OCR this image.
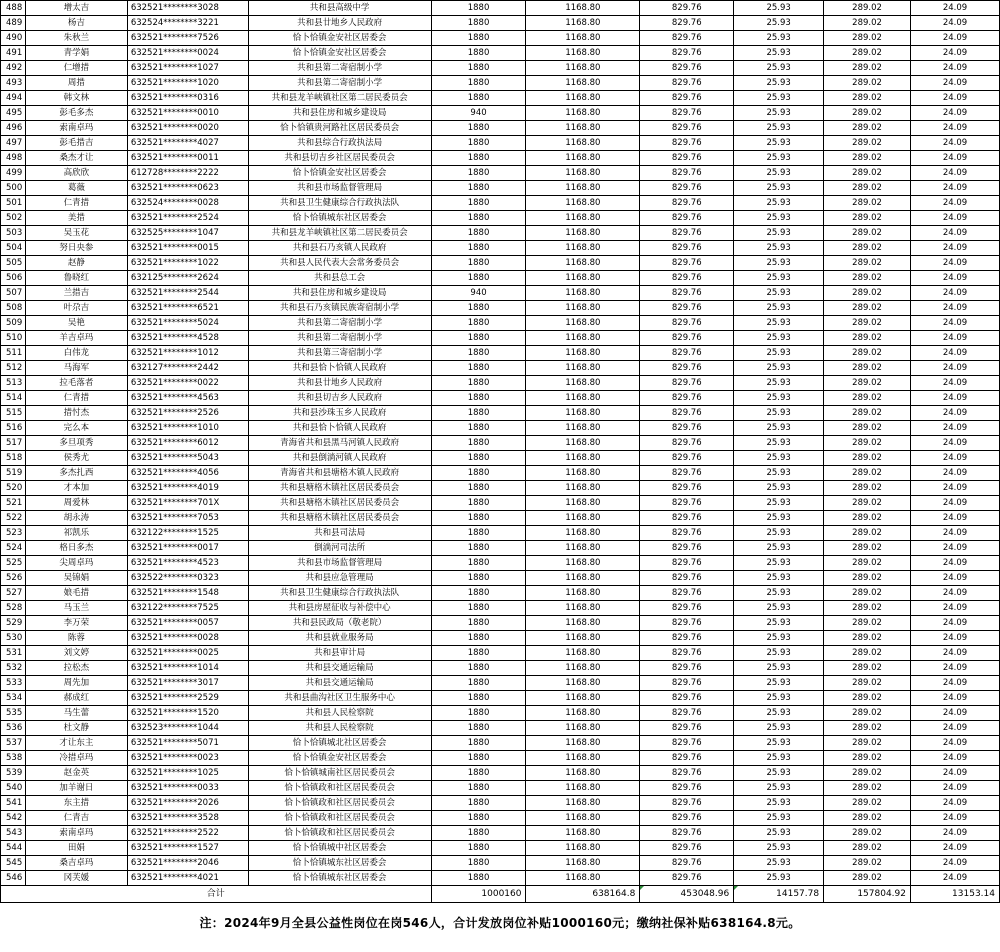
488	增太吉	632521********3028	共和县高级中学	1880	1168.80	829.76	25.93	289.02	24.09
489	杨吉	632524********3221	共和县廿地乡人民政府	1880	1168.80	829.76	25.93	289.02	24.09
490	朱秋兰	632521********7526	恰卜恰镇金安社区居委会	1880	1168.80	829.76	25.93	289.02	24.09
491	青学娟	632521********0024	恰卜恰镇金安社区居委会	1880	1168.80	829.76	25.93	289.02	24.09
492	仁增措	632521********1027	共和县第二寄宿制小学	1880	1168.80	829.76	25.93	289.02	24.09
493	周措	632521********1020	共和县第二寄宿制小学	1880	1168.80	829.76	25.93	289.02	24.09
494	韩文林	632521********0316	共和县龙羊峡镇社区第二居民委员会	1880	1168.80	829.76	25.93	289.02	24.09
495	彭毛多杰	632521********0010	共和县住房和城乡建设局	940	1168.80	829.76	25.93	289.02	24.09
496	索南卓玛	632521********0020	恰卜恰镇贵河路社区居民委员会	1880	1168.80	829.76	25.93	289.02	24.09
497	彭毛措吉	632521********4027	共和县综合行政执法局	1880	1168.80	829.76	25.93	289.02	24.09
498	桑杰才让	632521********0011	共和县切吉乡社区居民委员会	1880	1168.80	829.76	25.93	289.02	24.09
499	高欣欣	612728********2222	恰卜恰镇金安社区居委会	1880	1168.80	829.76	25.93	289.02	24.09
500	葛薇	632521********0623	共和县市场监督管理局	1880	1168.80	829.76	25.93	289.02	24.09
501	仁青措	632524********0028	共和县卫生健康综合行政执法队	1880	1168.80	829.76	25.93	289.02	24.09
502	美措	632521********2524	恰卜恰镇城东社区居委会	1880	1168.80	829.76	25.93	289.02	24.09
503	吴玉花	632525********1047	共和县龙羊峡镇社区第二居民委员会	1880	1168.80	829.76	25.93	289.02	24.09
504	努日央参	632521********0015	共和县石乃亥镇人民政府	1880	1168.80	829.76	25.93	289.02	24.09
505	赵静	632521********1022	共和县人民代表大会常务委员会	1880	1168.80	829.76	25.93	289.02	24.09
506	鲁晓红	632125********2624	共和县总工会	1880	1168.80	829.76	25.93	289.02	24.09
507	兰措吉	632521********2544	共和县住房和城乡建设局	940	1168.80	829.76	25.93	289.02	24.09
508	叶尕吉	632521********6521	共和县石乃亥镇民族寄宿制小学	1880	1168.80	829.76	25.93	289.02	24.09
509	吴艳	632521********5024	共和县第二寄宿制小学	1880	1168.80	829.76	25.93	289.02	24.09
510	羊吉卓玛	632521********4528	共和县第二寄宿制小学	1880	1168.80	829.76	25.93	289.02	24.09
511	白伟龙	632521********1012	共和县第三寄宿制小学	1880	1168.80	829.76	25.93	289.02	24.09
512	马海军	632127********2442	共和县恰卜恰镇人民政府	1880	1168.80	829.76	25.93	289.02	24.09
513	拉毛落者	632521********0022	共和县廿地乡人民政府	1880	1168.80	829.76	25.93	289.02	24.09
514	仁青措	632521********4563	共和县切吉乡人民政府	1880	1168.80	829.76	25.93	289.02	24.09
515	措忖杰	632521********2526	共和县沙珠玉乡人民政府	1880	1168.80	829.76	25.93	289.02	24.09
516	完么本	632521********1010	共和县恰卜恰镇人民政府	1880	1168.80	829.76	25.93	289.02	24.09
517	多旦项秀	632521********6012	青海省共和县黑马河镇人民政府	1880	1168.80	829.76	25.93	289.02	24.09
518	侯秀尤	632521********5043	共和县倒淌河镇人民政府	1880	1168.80	829.76	25.93	289.02	24.09
519	多杰扎西	632521********4056	青海省共和县塘格木镇人民政府	1880	1168.80	829.76	25.93	289.02	24.09
520	才本加	632521********4019	共和县塘格木镇社区居民委员会	1880	1168.80	829.76	25.93	289.02	24.09
521	周爱林	632521********701X	共和县塘格木镇社区居民委员会	1880	1168.80	829.76	25.93	289.02	24.09
522	胡永涛	632521********7053	共和县塘格木镇社区居民委员会	1880	1168.80	829.76	25.93	289.02	24.09
523	祁凯乐	632122********1525	共和县司法局	1880	1168.80	829.76	25.93	289.02	24.09
524	格日多杰	632521********0017	倒淌河司法所	1880	1168.80	829.76	25.93	289.02	24.09
525	尖周卓玛	632521********4523	共和县市场监督管理局	1880	1168.80	829.76	25.93	289.02	24.09
526	吴锦娟	632522********0323	共和县应急管理局	1880	1168.80	829.76	25.93	289.02	24.09
527	娘毛措	632521********1548	共和县卫生健康综合行政执法队	1880	1168.80	829.76	25.93	289.02	24.09
528	马玉兰	632122********7525	共和县房屋征收与补偿中心	1880	1168.80	829.76	25.93	289.02	24.09
529	李万荣	632521********0057	共和县民政局（敬老院）	1880	1168.80	829.76	25.93	289.02	24.09
530	陈蓉	632521********0028	共和县就业服务局	1880	1168.80	829.76	25.93	289.02	24.09
531	刘文婷	632521********0025	共和县审计局	1880	1168.80	829.76	25.93	289.02	24.09
532	拉松杰	632521********1014	共和县交通运输局	1880	1168.80	829.76	25.93	289.02	24.09
533	周先加	632521********3017	共和县交通运输局	1880	1168.80	829.76	25.93	289.02	24.09
534	郝成红	632521********2529	共和县曲沟社区卫生服务中心	1880	1168.80	829.76	25.93	289.02	24.09
535	马生蕾	632521********1520	共和县人民检察院	1880	1168.80	829.76	25.93	289.02	24.09
536	杜文静	632523********1044	共和县人民检察院	1880	1168.80	829.76	25.93	289.02	24.09
537	才让东主	632521********5071	恰卜恰镇城北社区居委会	1880	1168.80	829.76	25.93	289.02	24.09
538	冷措卓玛	632521********0023	恰卜恰镇金安社区居委会	1880	1168.80	829.76	25.93	289.02	24.09
539	赵金英	632521********1025	恰卜恰镇城南社区居民委员会	1880	1168.80	829.76	25.93	289.02	24.09
540	加羊谢日	632521********0033	恰卜恰镇政和社区居民委员会	1880	1168.80	829.76	25.93	289.02	24.09
541	东主措	632521********2026	恰卜恰镇政和社区居民委员会	1880	1168.80	829.76	25.93	289.02	24.09
542	仁青吉	632521********3528	恰卜恰镇政和社区居民委员会	1880	1168.80	829.76	25.93	289.02	24.09
543	索南卓玛	632521********2522	恰卜恰镇政和社区居民委员会	1880	1168.80	829.76	25.93	289.02	24.09
544	田娟	632521********1527	恰卜恰镇城中社区居委会	1880	1168.80	829.76	25.93	289.02	24.09
545	桑吉卓玛	632521********2046	恰卜恰镇城东社区居委会	1880	1168.80	829.76	25.93	289.02	24.09
546	冈芙媛	632521********4021	恰卜恰镇城东社区居委会	1880	1168.80	829.76	25.93	289.02	24.09
合计				1000160	638164.8	453048.96	14157.78	157804.92	13153.14
注：2024年9月全县公益性岗位在岗546人，合计发放岗位补贴1000160元；缴纳社保补贴638164.8元。
